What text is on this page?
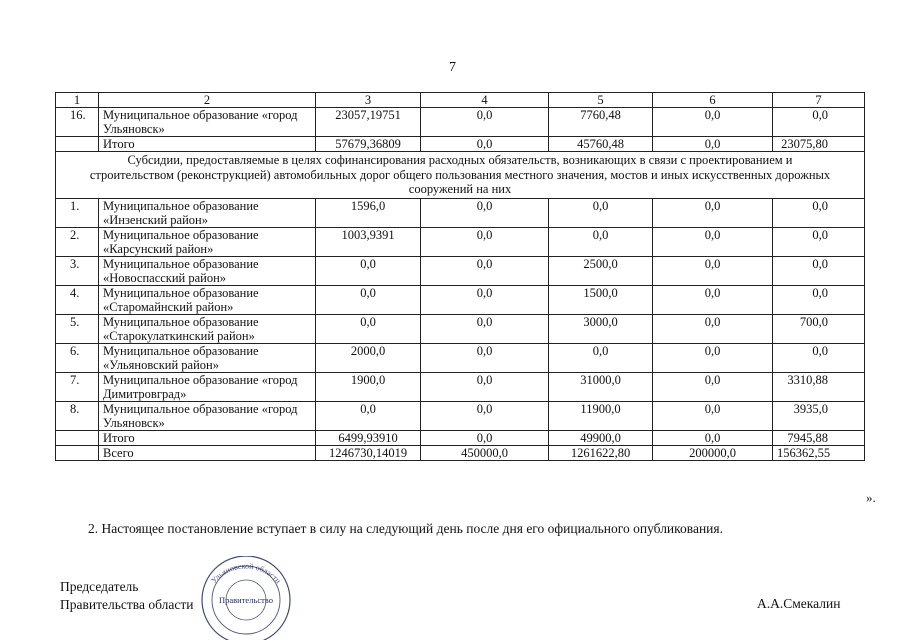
7
1	2	3	4	5	6	7
16.	Муниципальное образование «город Ульяновск»	23057,19751	0,0	7760,48	0,0	0,0
	Итого	57679,36809	0,0	45760,48	0,0	23075,80
Субсидии, предоставляемые в целях софинансирования расходных обязательств, возникающих в связи с проектированием и строительством (реконструкцией) автомобильных дорог общего пользования местного значения, мостов и иных искусственных дорожных сооружений на них						
1.	Муниципальное образование «Инзенский район»	1596,0	0,0	0,0	0,0	0,0
2.	Муниципальное образование «Карсунский район»	1003,9391	0,0	0,0	0,0	0,0
3.	Муниципальное образование «Новоспасский район»	0,0	0,0	2500,0	0,0	0,0
4.	Муниципальное образование «Старомайнский район»	0,0	0,0	1500,0	0,0	0,0
5.	Муниципальное образование «Старокулаткинский район»	0,0	0,0	3000,0	0,0	700,0
6.	Муниципальное образование «Ульяновский район»	2000,0	0,0	0,0	0,0	0,0
7.	Муниципальное образование «город Димитровград»	1900,0	0,0	31000,0	0,0	3310,88
8.	Муниципальное образование «город Ульяновск»	0,0	0,0	11900,0	0,0	3935,0
	Итого	6499,93910	0,0	49900,0	0,0	7945,88
	Всего	1246730,14019	450000,0	1261622,80	200000,0	156362,55
».
2. Настоящее постановление вступает в силу на следующий день после дня его официального опубликования.
Председатель
Правительства области	А.А.Смекалин
Ульяновской области
Правительство
